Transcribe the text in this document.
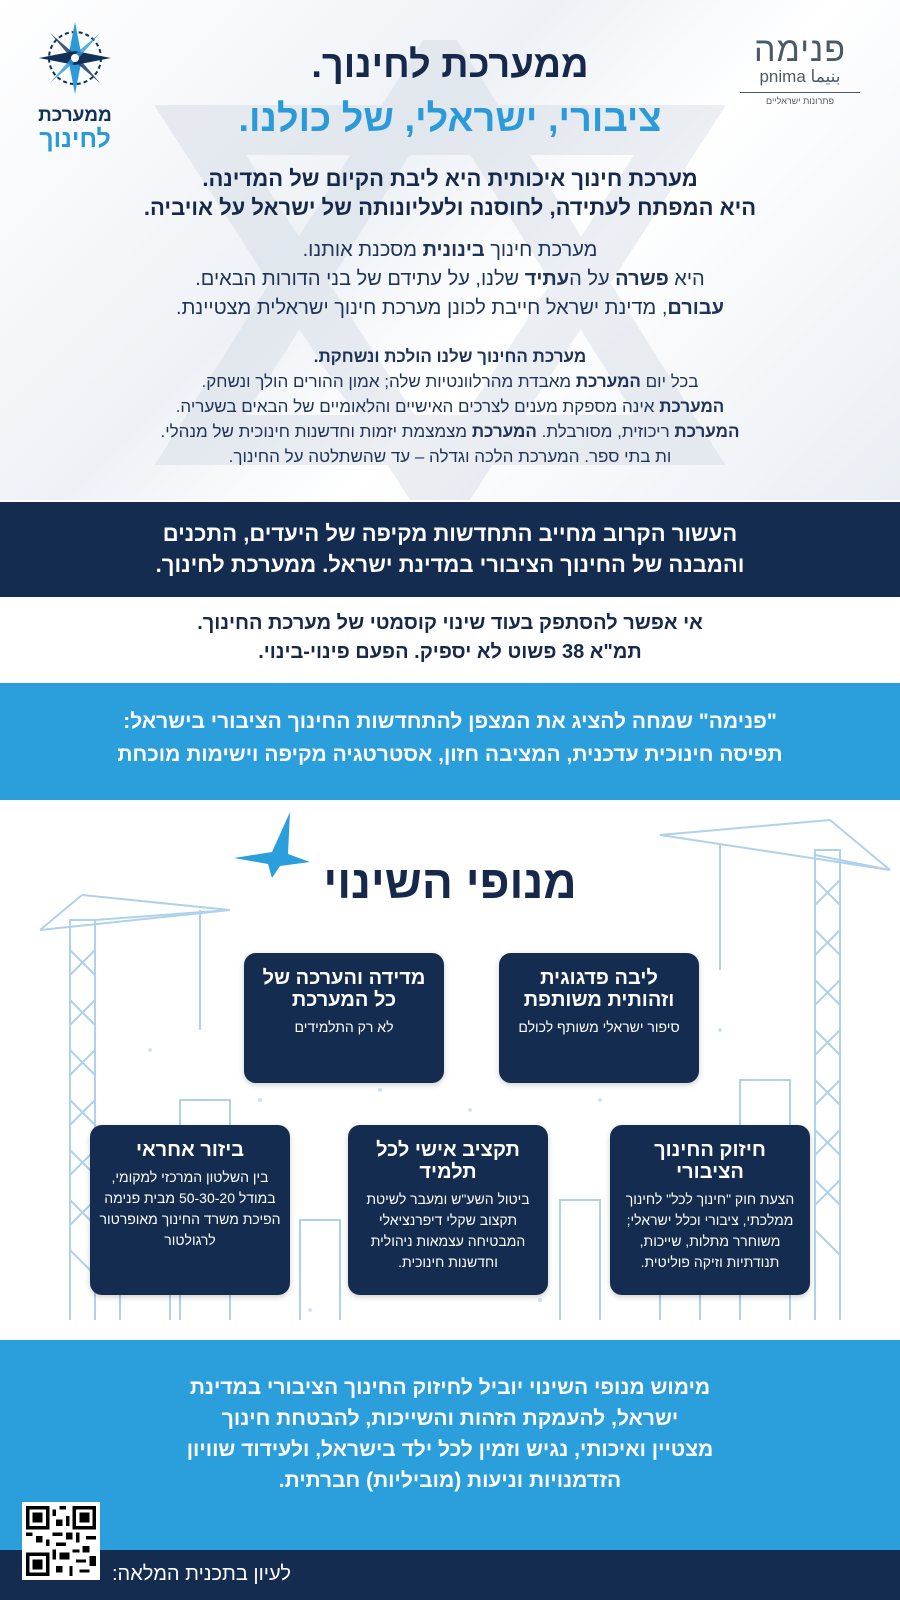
ממערכת
לחינוך
פנימה
pnima بنيما
פתרונות ישראליים
ממערכת לחינוך.
ציבורי, ישראלי, של כולנו.
מערכת חינוך איכותית היא ליבת הקיום של המדינה.
היא המפתח לעתידה, לחוסנה ולעליונותה של ישראל על אויביה.
מערכת חינוך בינונית מסכנת אותנו.
היא פשרה על העתיד שלנו, על עתידם של בני הדורות הבאים.
עבורם, מדינת ישראל חייבת לכונן מערכת חינוך ישראלית מצטיינת.
מערכת החינוך שלנו הולכת ונשחקת.
בכל יום המערכת מאבדת מהרלוונטיות שלה; אמון ההורים הולך ונשחק.
המערכת אינה מספקת מענים לצרכים האישיים והלאומיים של הבאים בשעריה.
המערכת ריכוזית, מסורבלת. המערכת מצמצמת יזמות וחדשנות חינוכית של מנהלי.
ות בתי ספר. המערכת הלכה וגדלה – עד שהשתלטה על החינוך.
העשור הקרוב מחייב התחדשות מקיפה של היעדים, התכנים
והמבנה של החינוך הציבורי במדינת ישראל. ממערכת לחינוך.
אי אפשר להסתפק בעוד שינוי קוסמטי של מערכת החינוך.
תמ"א 38 פשוט לא יספיק. הפעם פינוי-בינוי.
"פנימה" שמחה להציג את המצפן להתחדשות החינוך הציבורי בישראל:
תפיסה חינוכית עדכנית, המציבה חזון, אסטרטגיה מקיפה וישימות מוכחת
מנופי השינוי
ליבה פדגוגית וזהותית משותפת
סיפור ישראלי משותף לכולם
מדידה והערכה של כל המערכת
לא רק התלמידים
חיזוק החינוך הציבורי
הצעת חוק "חינוך לכל" לחינוך ממלכתי, ציבורי וכלל ישראלי; משוחרר מתלות, שייכות, תנודתיות וזיקה פוליטית.
תקציב אישי לכל תלמיד
ביטול השע"ש ומעבר לשיטת תקצוב שקלי דיפרנציאלי המבטיחה עצמאות ניהולית וחדשנות חינוכית.
ביזור אחראי
בין השלטון המרכזי למקומי, במודל 50-30-20 מבית פנימה הפיכת משרד החינוך מאופרטור לרגולטור
מימוש מנופי השינוי יוביל לחיזוק החינוך הציבורי במדינת
ישראל, להעמקת הזהות והשייכות, להבטחת חינוך
מצטיין ואיכותי, נגיש וזמין לכל ילד בישראל, ולעידוד שוויון
הזדמנויות וניעות (מוביליות) חברתית.
לעיון בתכנית המלאה:
